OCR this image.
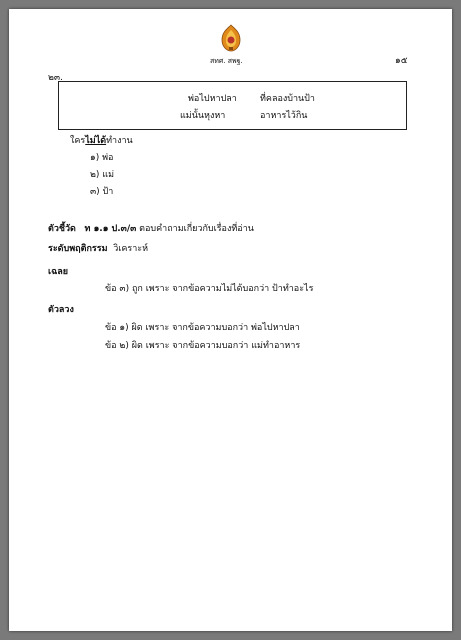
สทศ. สพฐ.	๑๕
๒๓.
พ่อไปหาปลา	ที่คลองบ้านป้า
แม่นั้นหุงหา	อาหารไว้กิน
ใครไม่ได้ทำงาน
๑) พ่อ
๒) แม่
๓) ป้า
ตัวชี้วัด ท ๑.๑ ป.๓/๓ ตอบคำถามเกี่ยวกับเรื่องที่อ่าน
ระดับพฤติกรรม วิเคราะห์
เฉลย
ข้อ ๓) ถูก เพราะ จากข้อความไม่ได้บอกว่า ป้าทำอะไร
ตัวลวง
ข้อ ๑) ผิด เพราะ จากข้อความบอกว่า พ่อไปหาปลา
ข้อ ๒) ผิด เพราะ จากข้อความบอกว่า แม่ทำอาหาร
